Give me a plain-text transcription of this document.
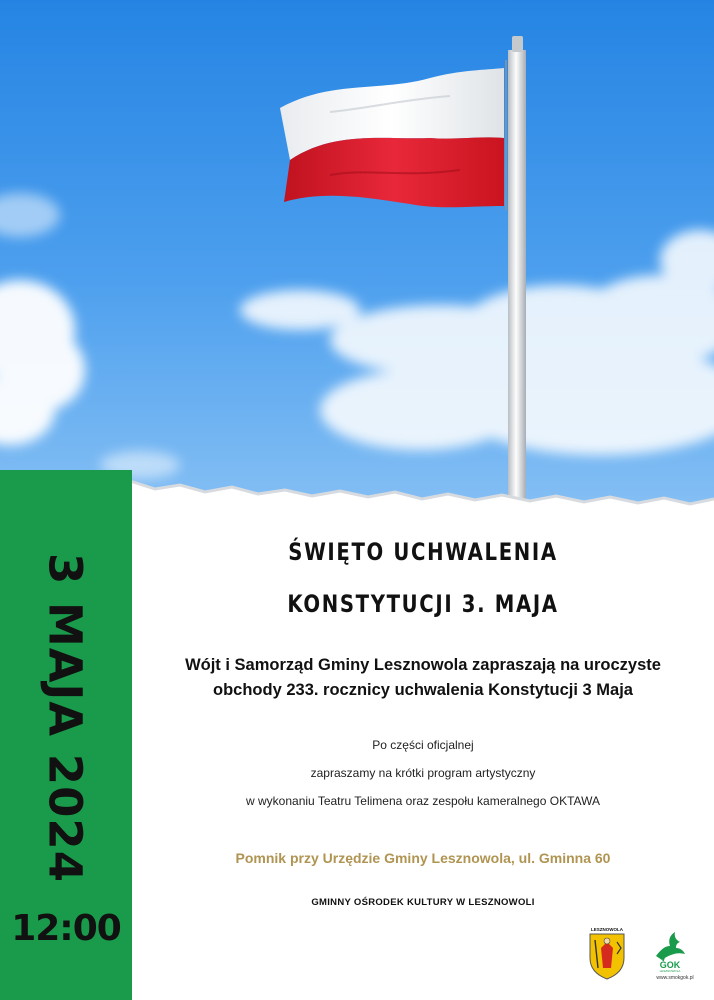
3 MAJA 2024
12:00
ŚWIĘTO UCHWALENIA
KONSTYTUCJI 3. MAJA
Wójt i Samorząd Gminy Lesznowola zapraszają na uroczyste
obchody 233. rocznicy uchwalenia Konstytucji 3 Maja
Po części oficjalnej
zapraszamy na krótki program artystyczny
w wykonaniu Teatru Telimena oraz zespołu kameralnego OKTAWA
Pomnik przy Urzędzie Gminy Lesznowola, ul. Gminna 60
GMINNY OŚRODEK KULTURY W LESZNOWOLI
LESZNOWOLA
GOK
LESZNOWOLA
www.smokgok.pl
